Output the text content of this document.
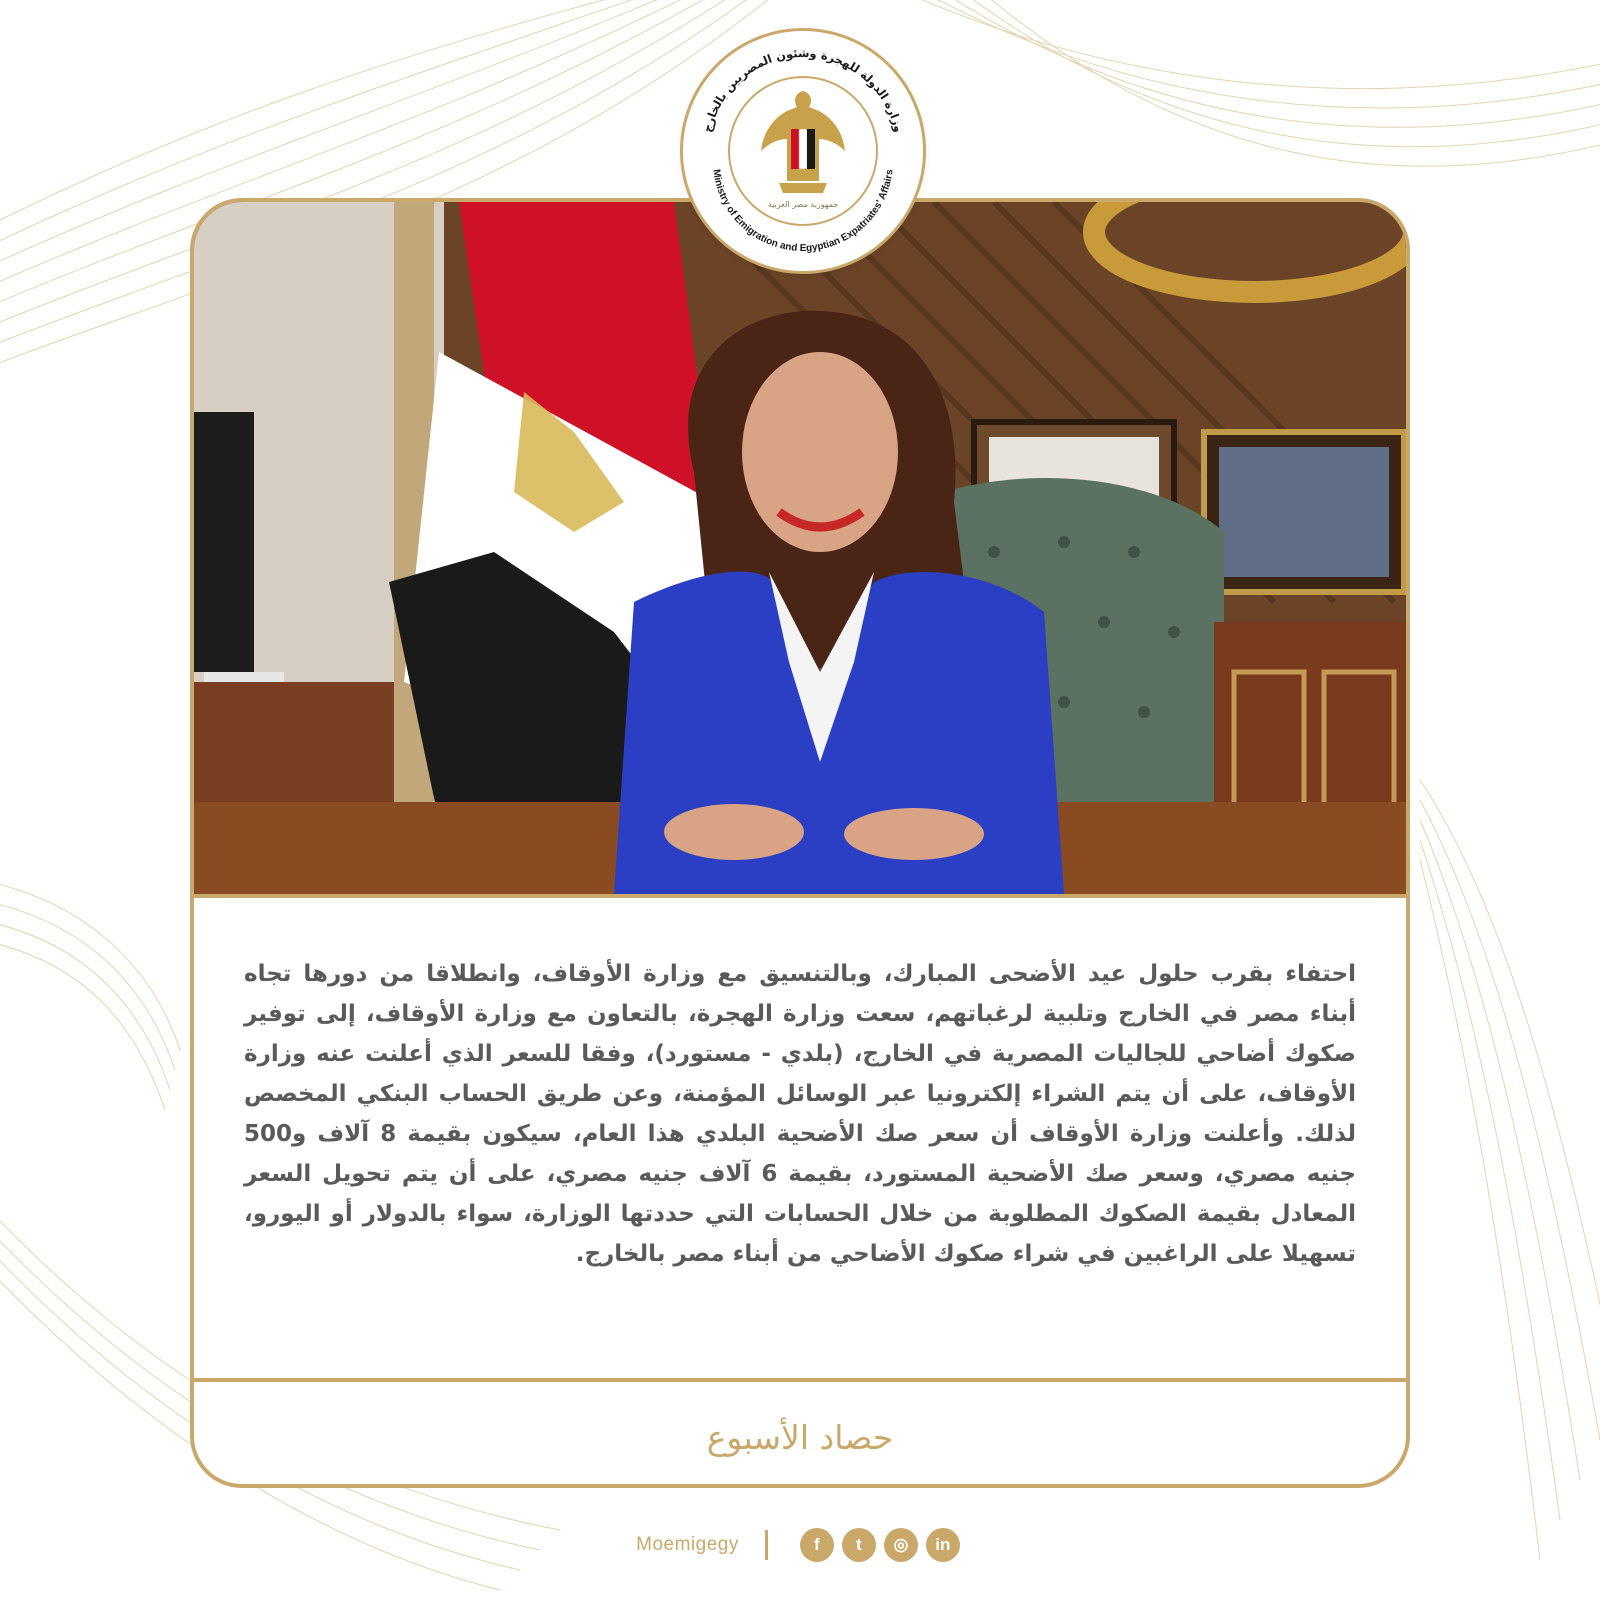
احتفاء بقرب حلول عيد الأضحى المبارك، وبالتنسيق مع وزارة الأوقاف، وانطلاقا من دورها تجاه أبناء مصر في الخارج وتلبية لرغباتهم، سعت وزارة الهجرة، بالتعاون مع وزارة الأوقاف، إلى توفير صكوك أضاحي للجاليات المصرية في الخارج، (بلدي - مستورد)، وفقا للسعر الذي أعلنت عنه وزارة الأوقاف، على أن يتم الشراء إلكترونيا عبر الوسائل المؤمنة، وعن طريق الحساب البنكي المخصص لذلك. وأعلنت وزارة الأوقاف أن سعر صك الأضحية البلدي هذا العام، سيكون بقيمة 8 آلاف و500 جنيه مصري، وسعر صك الأضحية المستورد، بقيمة 6 آلاف جنيه مصري، على أن يتم تحويل السعر المعادل بقيمة الصكوك المطلوبة من خلال الحسابات التي حددتها الوزارة، سواء بالدولار أو اليورو، تسهيلا على الراغبين في شراء صكوك الأضاحي من أبناء مصر بالخارج.

حصاد الأسبوع
وزارة الدولة للهجرة وشئون المصريين بالخارج
Ministry of Emigration and Egyptian Expatriates' Affairs
جمهورية مصر العربية
Moemigegy	f	t	◎	in
